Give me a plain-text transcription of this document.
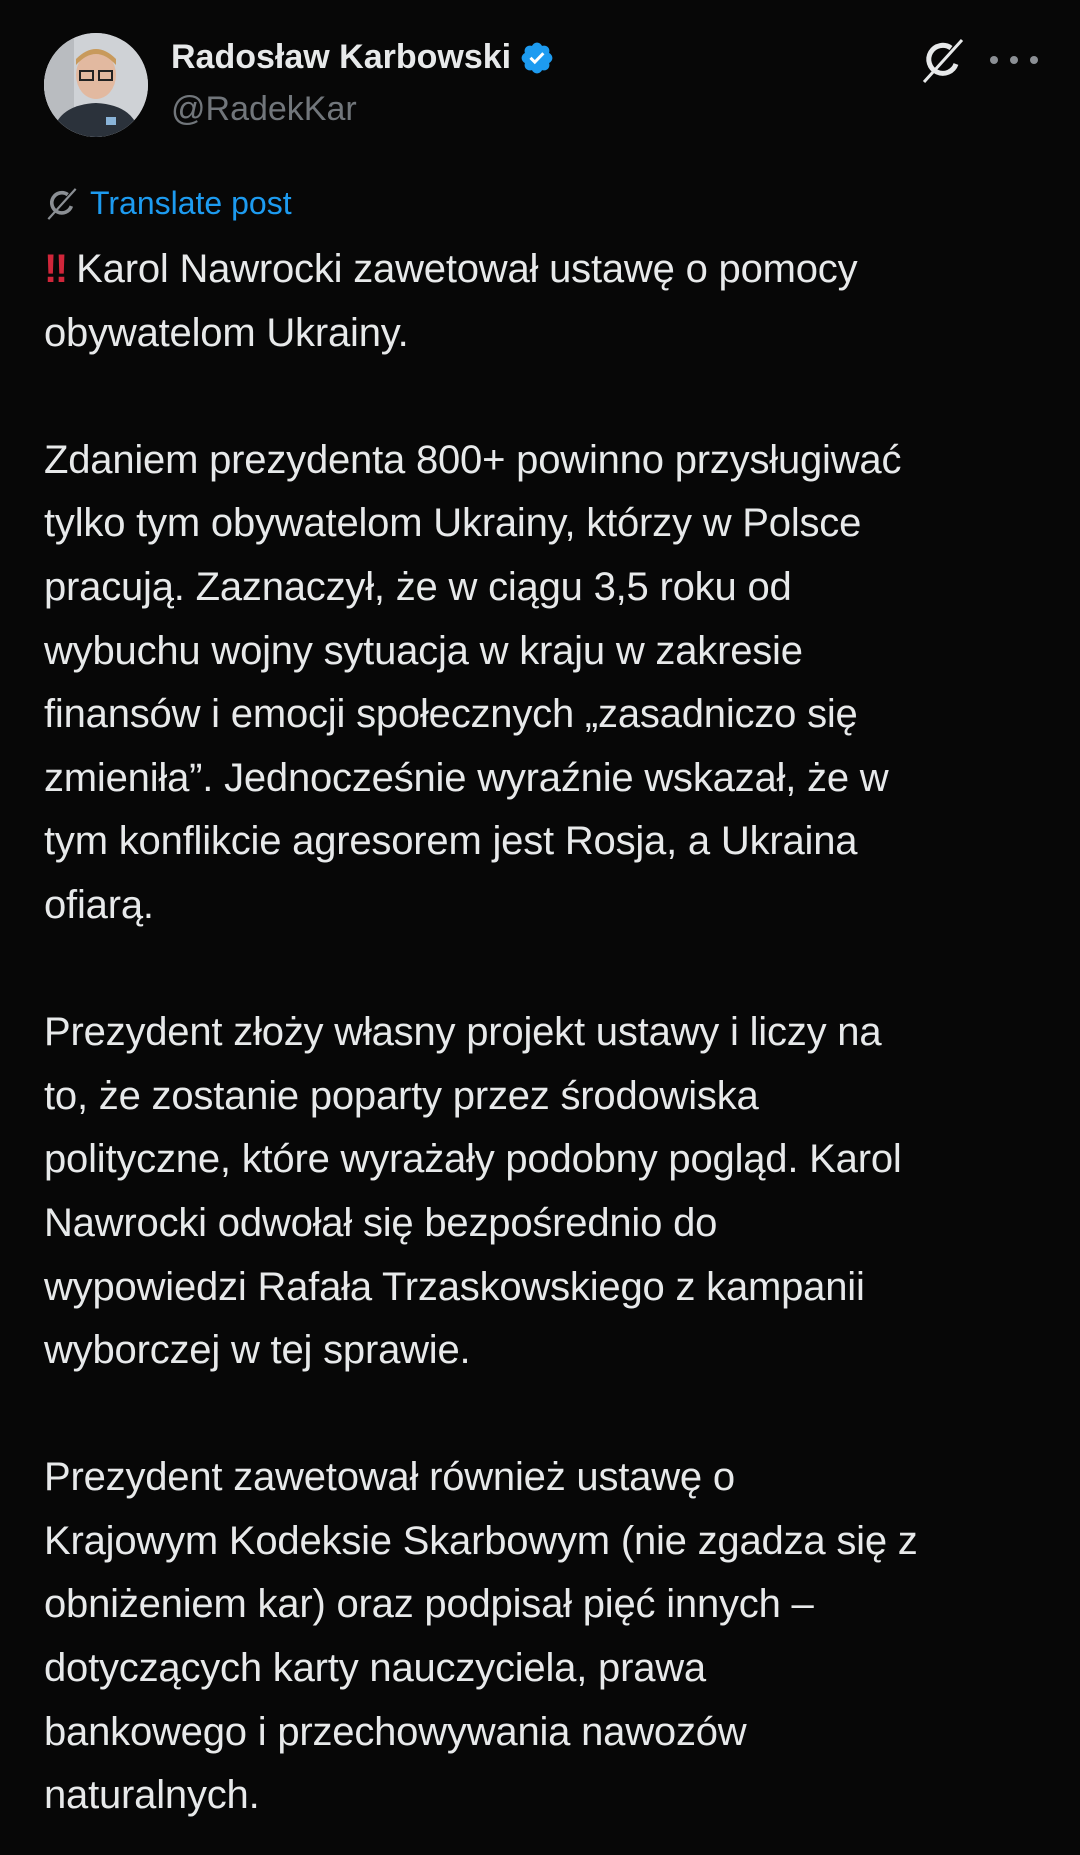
Radosław Karbowski
@RadekKar
Translate post
‼ Karol Nawrocki zawetował ustawę o pomocy
obywatelom Ukrainy.
Zdaniem prezydenta 800+ powinno przysługiwać
tylko tym obywatelom Ukrainy, którzy w Polsce
pracują. Zaznaczył, że w ciągu 3,5 roku od
wybuchu wojny sytuacja w kraju w zakresie
finansów i emocji społecznych „zasadniczo się
zmieniła”. Jednocześnie wyraźnie wskazał, że w
tym konflikcie agresorem jest Rosja, a Ukraina
ofiarą.
Prezydent złoży własny projekt ustawy i liczy na
to, że zostanie poparty przez środowiska
polityczne, które wyrażały podobny pogląd. Karol
Nawrocki odwołał się bezpośrednio do
wypowiedzi Rafała Trzaskowskiego z kampanii
wyborczej w tej sprawie.
Prezydent zawetował również ustawę o
Krajowym Kodeksie Skarbowym (nie zgadza się z
obniżeniem kar) oraz podpisał pięć innych –
dotyczących karty nauczyciela, prawa
bankowego i przechowywania nawozów
naturalnych.
